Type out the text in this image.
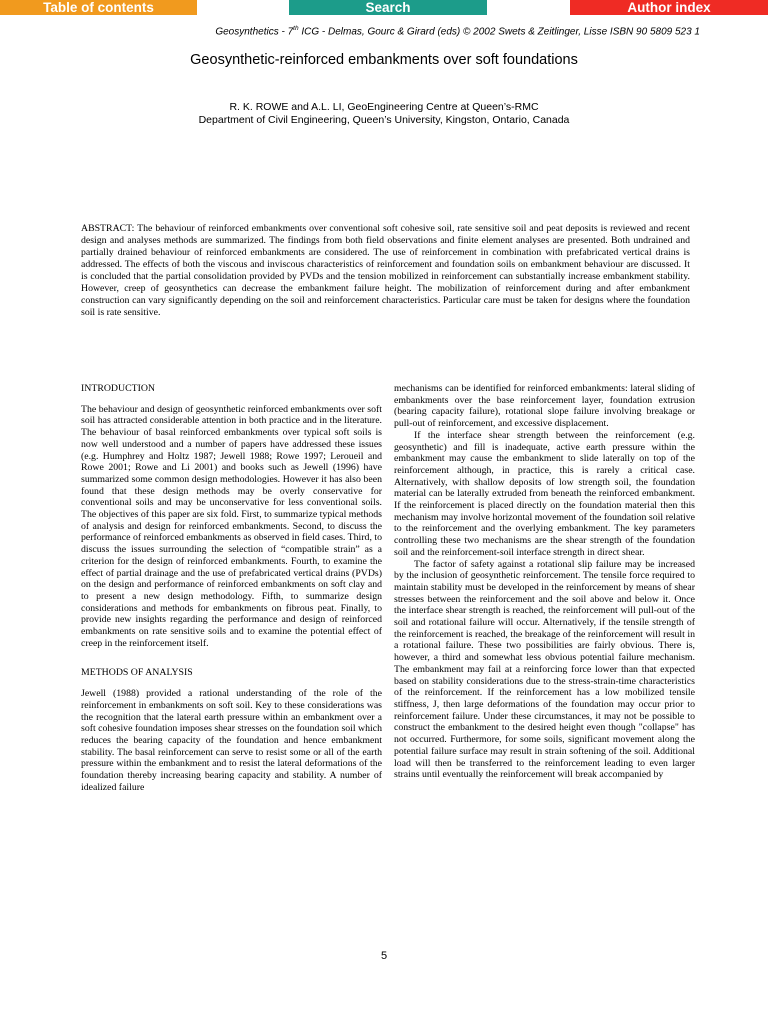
Table of contents	Search	Author index
Geosynthetics - 7th ICG - Delmas, Gourc & Girard (eds) © 2002 Swets & Zeitlinger, Lisse ISBN 90 5809 523 1
Geosynthetic-reinforced embankments over soft foundations
R. K. ROWE and A.L. LI, GeoEngineering Centre at Queen’s-RMC
Department of Civil Engineering, Queen’s University, Kingston, Ontario, Canada

ABSTRACT: The behaviour of reinforced embankments over conventional soft cohesive soil, rate sensitive soil and peat deposits is reviewed and recent design and analyses methods are summarized. The findings from both field observations and finite element analyses are presented. Both undrained and partially drained behaviour of reinforced embankments are considered. The use of reinforcement in combination with prefabricated vertical drains is addressed. The effects of both the viscous and inviscous characteristics of reinforcement and foundation soils on embankment behaviour are discussed. It is concluded that the partial consolidation provided by PVDs and the tension mobilized in reinforcement can substantially increase embankment stability. However, creep of geosynthetics can decrease the embankment failure height. The mobilization of reinforcement during and after embankment construction can vary significantly depending on the soil and reinforcement characteristics. Particular care must be taken for designs where the foundation soil is rate sensitive.

INTRODUCTION

The behaviour and design of geosynthetic reinforced embankments over soft soil has attracted considerable attention in both practice and in the literature. The behaviour of basal reinforced embankments over typical soft soils is now well understood and a number of papers have addressed these issues (e.g. Humphrey and Holtz 1987; Jewell 1988; Rowe 1997; Leroueil and Rowe 2001; Rowe and Li 2001) and books such as Jewell (1996) have summarized some common design methodologies. However it has also been found that these design methods may be overly conservative for conventional soils and may be unconservative for less conventional soils. The objectives of this paper are six fold. First, to summarize typical methods of analysis and design for reinforced embankments. Second, to discuss the performance of reinforced embankments as observed in field cases. Third, to discuss the issues surrounding the selection of “compatible strain” as a criterion for the design of reinforced embankments. Fourth, to examine the effect of partial drainage and the use of prefabricated vertical drains (PVDs) on the design and performance of reinforced embankments on soft clay and to present a new design methodology. Fifth, to summarize design considerations and methods for embankments on fibrous peat. Finally, to provide new insights regarding the performance and design of reinforced embankments on rate sensitive soils and to examine the potential effect of creep in the reinforcement itself.

METHODS OF ANALYSIS

Jewell (1988) provided a rational understanding of the role of the reinforcement in embankments on soft soil. Key to these considerations was the recognition that the lateral earth pressure within an embankment over a soft cohesive foundation imposes shear stresses on the foundation soil which reduces the bearing capacity of the foundation and hence embankment stability. The basal reinforcement can serve to resist some or all of the earth pressure within the embankment and to resist the lateral deformations of the foundation thereby increasing bearing capacity and stability. A number of idealized failure

mechanisms can be identified for reinforced embankments: lateral sliding of embankments over the base reinforcement layer, foundation extrusion (bearing capacity failure), rotational slope failure involving breakage or pull-out of reinforcement, and excessive displacement.

If the interface shear strength between the reinforcement (e.g. geosynthetic) and fill is inadequate, active earth pressure within the embankment may cause the embankment to slide laterally on top of the reinforcement although, in practice, this is rarely a critical case. Alternatively, with shallow deposits of low strength soil, the foundation material can be laterally extruded from beneath the reinforced embankment. If the reinforcement is placed directly on the foundation material then this mechanism may involve horizontal movement of the foundation soil relative to the reinforcement and the overlying embankment. The key parameters controlling these two mechanisms are the shear strength of the foundation soil and the reinforcement-soil interface strength in direct shear.

The factor of safety against a rotational slip failure may be increased by the inclusion of geosynthetic reinforcement. The tensile force required to maintain stability must be developed in the reinforcement by means of shear stresses between the reinforcement and the soil above and below it. Once the interface shear strength is reached, the reinforcement will pull-out of the soil and rotational failure will occur. Alternatively, if the tensile strength of the reinforcement is reached, the breakage of the reinforcement will result in a rotational failure. These two possibilities are fairly obvious. There is, however, a third and somewhat less obvious potential failure mechanism. The embankment may fail at a reinforcing force lower than that expected based on stability considerations due to the stress-strain-time characteristics of the reinforcement. If the reinforcement has a low mobilized tensile stiffness, J, then large deformations of the foundation may occur prior to reinforcement failure. Under these circumstances, it may not be possible to construct the embankment to the desired height even though "collapse" has not occurred. Furthermore, for some soils, significant movement along the potential failure surface may result in strain softening of the soil. Additional load will then be transferred to the reinforcement leading to even larger strains until eventually the reinforcement will break accompanied by

5
